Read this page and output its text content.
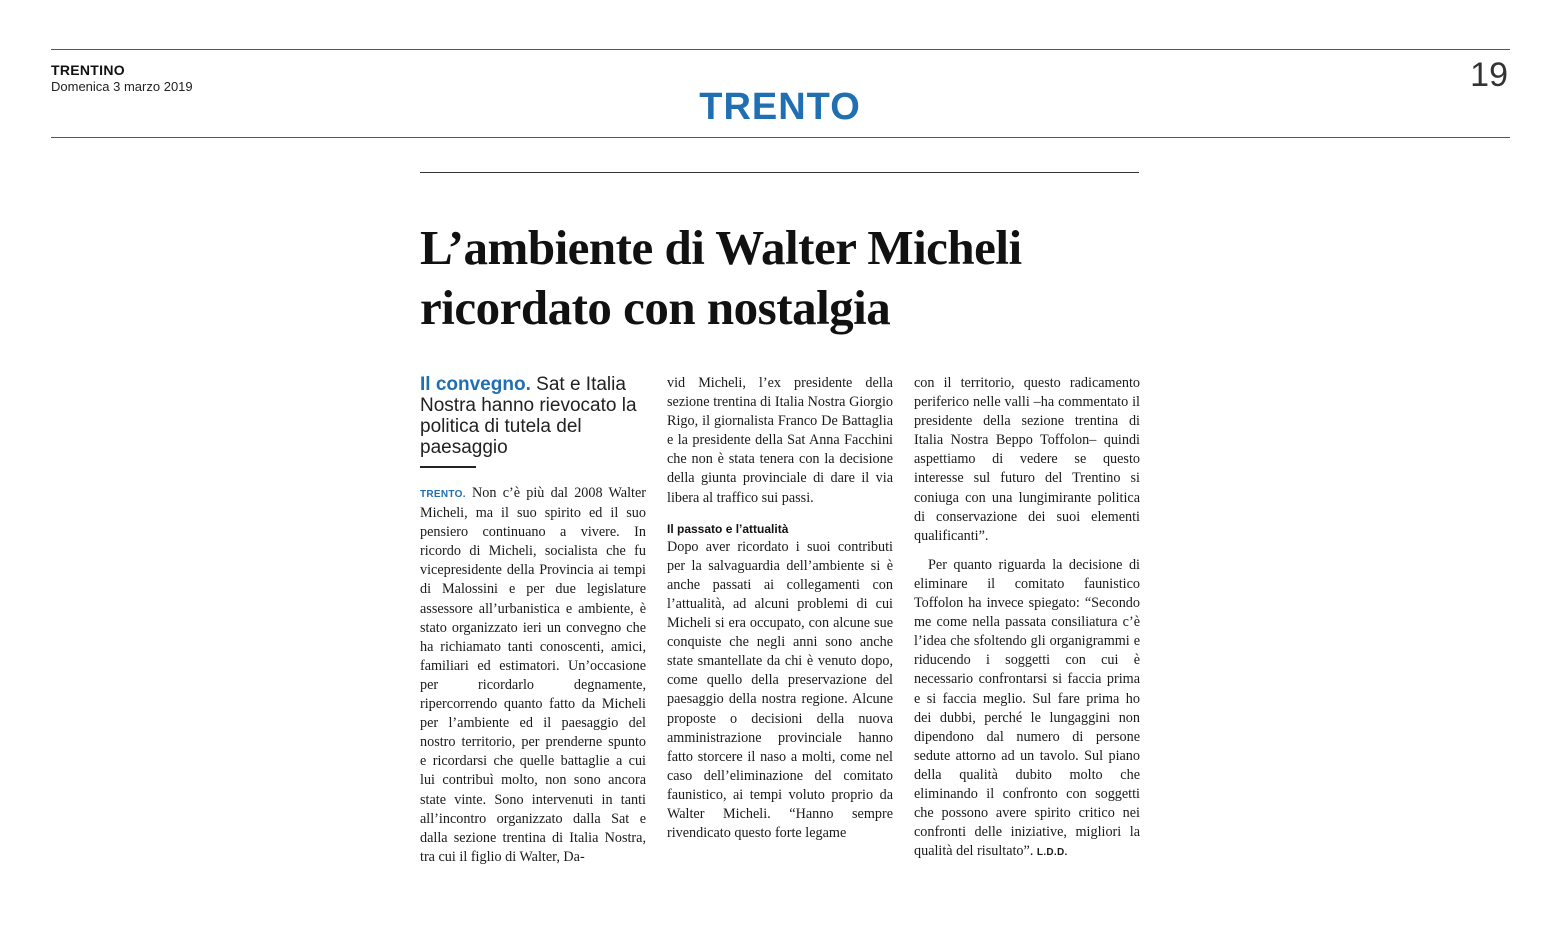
TRENTINO
Domenica 3 marzo 2019	19
TRENTO
L’ambiente di Walter Micheli
ricordato con nostalgia
Il convegno. Sat e Italia Nostra hanno rievocato la politica di tutela del paesaggio

TRENTO. Non c’è più dal 2008 Walter Micheli, ma il suo spirito ed il suo pensiero continuano a vivere. In ricordo di Micheli, socialista che fu vicepresidente della Provincia ai tempi di Malossini e per due legislature assessore all’urbanistica e ambiente, è stato organizzato ieri un convegno che ha richiamato tanti conoscenti, amici, familiari ed estimatori. Un’occasione per ricordarlo degnamente, ripercorrendo quanto fatto da Micheli per l’ambiente ed il paesaggio del nostro territorio, per prenderne spunto e ricordarsi che quelle battaglie a cui lui contribuì molto, non sono ancora state vinte. Sono intervenuti in tanti all’incontro organizzato dalla Sat e dalla sezione trentina di Italia Nostra, tra cui il figlio di Walter, Da-

vid Micheli, l’ex presidente della sezione trentina di Italia Nostra Giorgio Rigo, il giornalista Franco De Battaglia e la presidente della Sat Anna Facchini che non è stata tenera con la decisione della giunta provinciale di dare il via libera al traffico sui passi.

Il passato e l’attualità

Dopo aver ricordato i suoi contributi per la salvaguardia dell’ambiente si è anche passati ai collegamenti con l’attualità, ad alcuni problemi di cui Micheli si era occupato, con alcune sue conquiste che negli anni sono anche state smantellate da chi è venuto dopo, come quello della preservazione del paesaggio della nostra regione. Alcune proposte o decisioni della nuova amministrazione provinciale hanno fatto storcere il naso a molti, come nel caso dell’eliminazione del comitato faunistico, ai tempi voluto proprio da Walter Micheli. “Hanno sempre rivendicato questo forte legame

con il territorio, questo radicamento periferico nelle valli –ha commentato il presidente della sezione trentina di Italia Nostra Beppo Toffolon– quindi aspettiamo di vedere se questo interesse sul futuro del Trentino si coniuga con una lungimirante politica di conservazione dei suoi elementi qualificanti”.

Per quanto riguarda la decisione di eliminare il comitato faunistico Toffolon ha invece spiegato: “Secondo me come nella passata consiliatura c’è l’idea che sfoltendo gli organigrammi e riducendo i soggetti con cui è necessario confrontarsi si faccia prima e si faccia meglio. Sul fare prima ho dei dubbi, perché le lungaggini non dipendono dal numero di persone sedute attorno ad un tavolo. Sul piano della qualità dubito molto che eliminando il confronto con soggetti che possono avere spirito critico nei confronti delle iniziative, migliori la qualità del risultato”. L.D.D.
